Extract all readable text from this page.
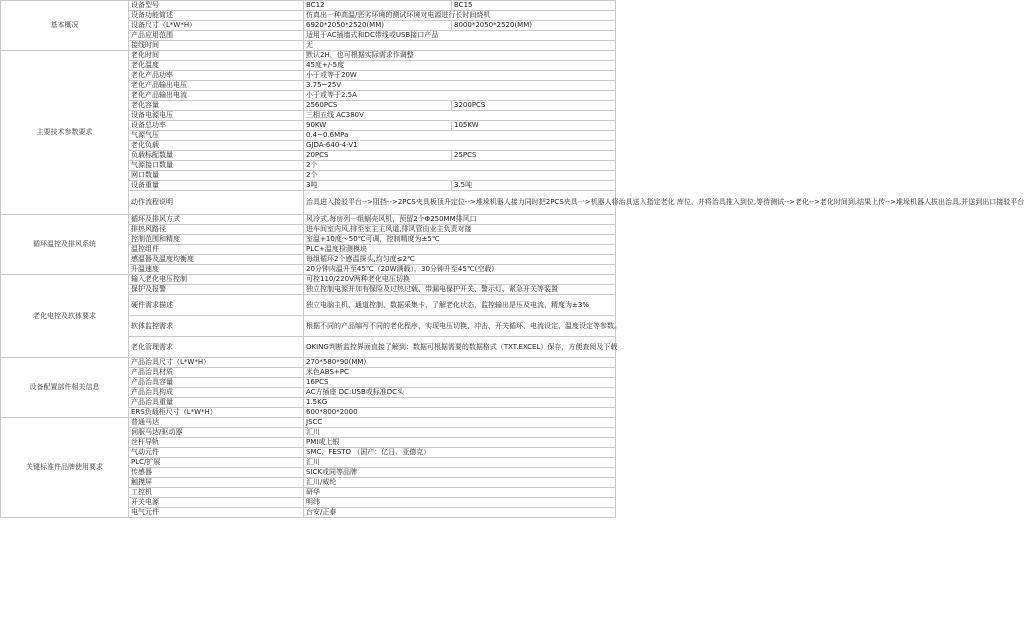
基本概况	设备型号	BC12	BC15
	设备功能简述	仿真出一种高温/恶劣环境的测试环境对电源进行长时间烧机	
	设备尺寸（L*W*H）	6920*2050*2520(MM)	8000*2050*2520(MM)
	产品应用范围	适用于AC插墙式和DC带线或USB接口产品	
	接线时间	无	
主要技术参数要求	老化时间	默认2H，也可根据实际需求作调整	
	老化温度	45度+/-5度	
	老化产品功率	小于或等于20W	
	老化产品输出电压	3.75~25V	
	老化产品输出电流	小于或等于2.5A	
	老化容量	2560PCS	3200PCS
	设备电源电压	三相五线 AC380V	
	设备总功率	90KW	105KW
	气源气压	0.4~0.6MPa	
	老化负载	GJDA-640-4-V1	
	负载标配数量	20PCS	25PCS
	气源接口数量	2个	
	网口数量	2个	
	设备重量	3吨	3.5吨
	动作流程说明	治具进入接驳平台-->阻挡-->2PCS夹具板顶升定位-->堆垛机器人接力同时把2PCS夹具一>机器人将治具送入指定老化 库位，并将治具推入到位,等待测试-->老化-->老化时间到,结果上传-->堆垛机器人拔出治具,并送到出口接驳平台	
循环温控及排风系统	循环及排风方式	风冷式,每房列一组蜗壳风机，预留2个Φ250MM排风口	
	排热风路径	进车间室内风,排至室主主风道,排风管由业主负责对接	
	控制范围和精度	室温+10度～50℃可调，控制精度为±5℃	
	温控组件	PLC+温度检测模块	
	感温器及温度均衡度	每组循环2个感温探头,均匀度≤2℃	
	升温速度	20分钟内温升至45℃（20W满载），30分钟升至45℃(空载)	
老化电控及软体要求	输入老化电压控制	可控110/220V两种老化电压切换	
	保护及报警	独立控制电源并加有保险及过热过载、带漏电保护开关、警示灯、紧急开关等装置	
	硬件需求描述	独立电脑主机、通道控制、数据采集卡、了解老化状态，监控输出是压及电流，精度为±3%	
	软体监控需求	根据不同的产品编写不同的老化程序，实现电压切换、冲击、开关循环、电流设定、温度设定等参数。	
	老化管理需求	OKING判断监控界面直接了解到：数据可根据需要的数据格式（TXT.EXCEL）保存，方便查阅及下载	
设备配置部件相关信息	产品治具尺寸（L*W*H）	270*580*90(MM)	
	产品治具材质	米色ABS+PC	
	产品治具容量	16PCS	
	产品治具构成	AC方插座 DC:USB或标准DC头	
	产品治具重量	1.5KG	
	ERS负载柜尺寸（L*W*H）	600*800*2000	
关键标准件品牌使用要求	普通马达	JSCC	
	伺服马达/驱动器	汇川	
	丝杆导轨	PMI或上银	
	气动元件	SMC、FESTO （国产：亿日、亚德克）	
	PLC/扩展	汇川	
	传感器	SICK或同等品牌	
	触摸屏	汇川/威纶	
	工控机	研华	
	开关电源	明纬	
	电气元件	台安/正泰	
